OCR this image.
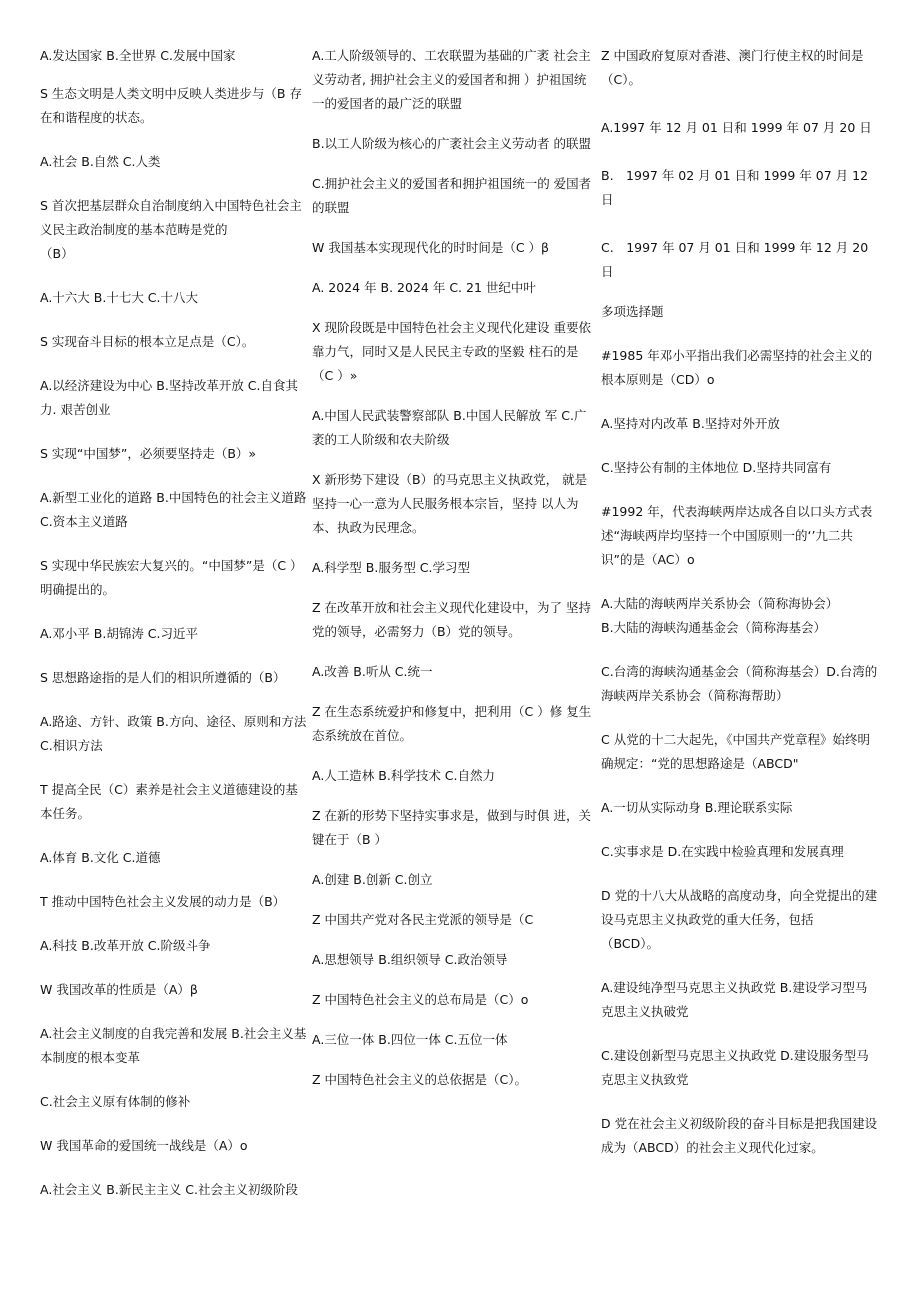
A.发达国家 B.全世界 C.发展中国家

S 生态文明是人类文明中反映人类进步与（B 存在和谐程度的状态。

A.社会 B.自然 C.人类

S 首次把基层群众自治制度纳入中国特色社会主义民主政治制度的基本范畴是党的
（B）

A.十六大 B.十七大 C.十八大

S 实现奋斗目标的根本立足点是（C）。

A.以经济建设为中心 B.坚持改革开放 C.自食其力. 艰苦创业

S 实现“中国梦”，必须要坚持走（B）»

A.新型工业化的道路 B.中国特色的社会主义道路 C.资本主义道路

S 实现中华民族宏大复兴的。“中国梦”是（C ）明确提出的。

A.邓小平 B.胡锦涛 C.习近平

S 思想路途指的是人们的相识所遵循的（B）

A.路途、方针、政策 B.方向、途径、原则和方法 C.相识方法

T 提高全民（C）素养是社会主义道德建设的基本任务。

A.体育 B.文化 C.道德

T 推动中国特色社会主义发展的动力是（B）

A.科技 B.改革开放 C.阶级斗争

W 我国改革的性质是（A）β

A.社会主义制度的自我完善和发展 B.社会主义基本制度的根本变革

C.社会主义原有体制的修补

W 我国革命的爱国统一战线是（A）o

A.社会主义 B.新民主主义 C.社会主义初级阶段

A.工人阶级领导的、工农联盟为基础的广袤 社会主义劳动者, 拥护社会主义的爱国者和拥 ）护祖国统一的爱国者的最广泛的联盟

B.以工人阶级为核心的广袤社会主义劳动者 的联盟

C.拥护社会主义的爱国者和拥护祖国统一的 爱国者的联盟

W 我国基本实现现代化的时时间是（C ）β

A. 2024 年 B. 2024 年 C. 21 世纪中叶

X 现阶段既是中国特色社会主义现代化建设 重要依靠力气，同时又是人民民主专政的坚毅 柱石的是（C ）»

A.中国人民武装警察部队 B.中国人民解放 军 C.广袤的工人阶级和农夫阶级

X 新形势下建设（B）的马克思主义执政党， 就是坚持一心一意为人民服务根本宗旨，坚持 以人为本、执政为民理念。

A.科学型 B.服务型 C.学习型

Z 在改革开放和社会主义现代化建设中，为了 坚持党的领导，必需努力（B）党的领导。

A.改善 B.听从 C.统一

Z 在生态系统爱护和修复中，把利用（C ）修 复生态系统放在首位。

A.人工造林 B.科学技术 C.自然力

Z 在新的形势下坚持实事求是，做到与时俱 进，关键在于（B ）

A.创建 B.创新 C.创立

Z 中国共产党对各民主党派的领导是（C

A.思想领导 B.组织领导 C.政治领导

Z 中国特色社会主义的总布局是（C）o

A.三位一体 B.四位一体 C.五位一体

Z 中国特色社会主义的总依据是（C）。

Z 中国政府复原对香港、澳门行使主权的时间是（C）。

A.1997 年 12 月 01 日和 1999 年 07 月 20 日

B.　1997 年 02 月 01 日和 1999 年 07 月 12 日

C.　1997 年 07 月 01 日和 1999 年 12 月 20 日

多项选择题

#1985 年邓小平指出我们必需坚持的社会主义的根本原则是（CD）o

A.坚持对内改革 B.坚持对外开放

C.坚持公有制的主体地位 D.坚持共同富有

#1992 年，代表海峡两岸达成各自以口头方式表述“海峡两岸均坚持一个中国原则一的‘’九二共识”的是（AC）o

A.大陆的海峡两岸关系协会（简称海协会）
B.大陆的海峡沟通基金会（简称海基会）

C.台湾的海峡沟通基金会（简称海基会）D.台湾的海峡两岸关系协会（简称海帮助）

C 从党的十二大起先，《中国共产党章程》始终明确规定：“党的思想路途是（ABCD"

A.一切从实际动身 B.理论联系实际

C.实事求是 D.在实践中检验真理和发展真理

D 党的十八大从战略的高度动身，向全党提出的建设马克思主义执政党的重大任务，包括
（BCD）。

A.建设纯净型马克思主义执政党 B.建设学习型马克思主义执破党

C.建设创新型马克思主义执政党 D.建设服务型马克思主义执致党

D 党在社会主义初级阶段的奋斗目标是把我国建设成为（ABCD）的社会主义现代化过家。
